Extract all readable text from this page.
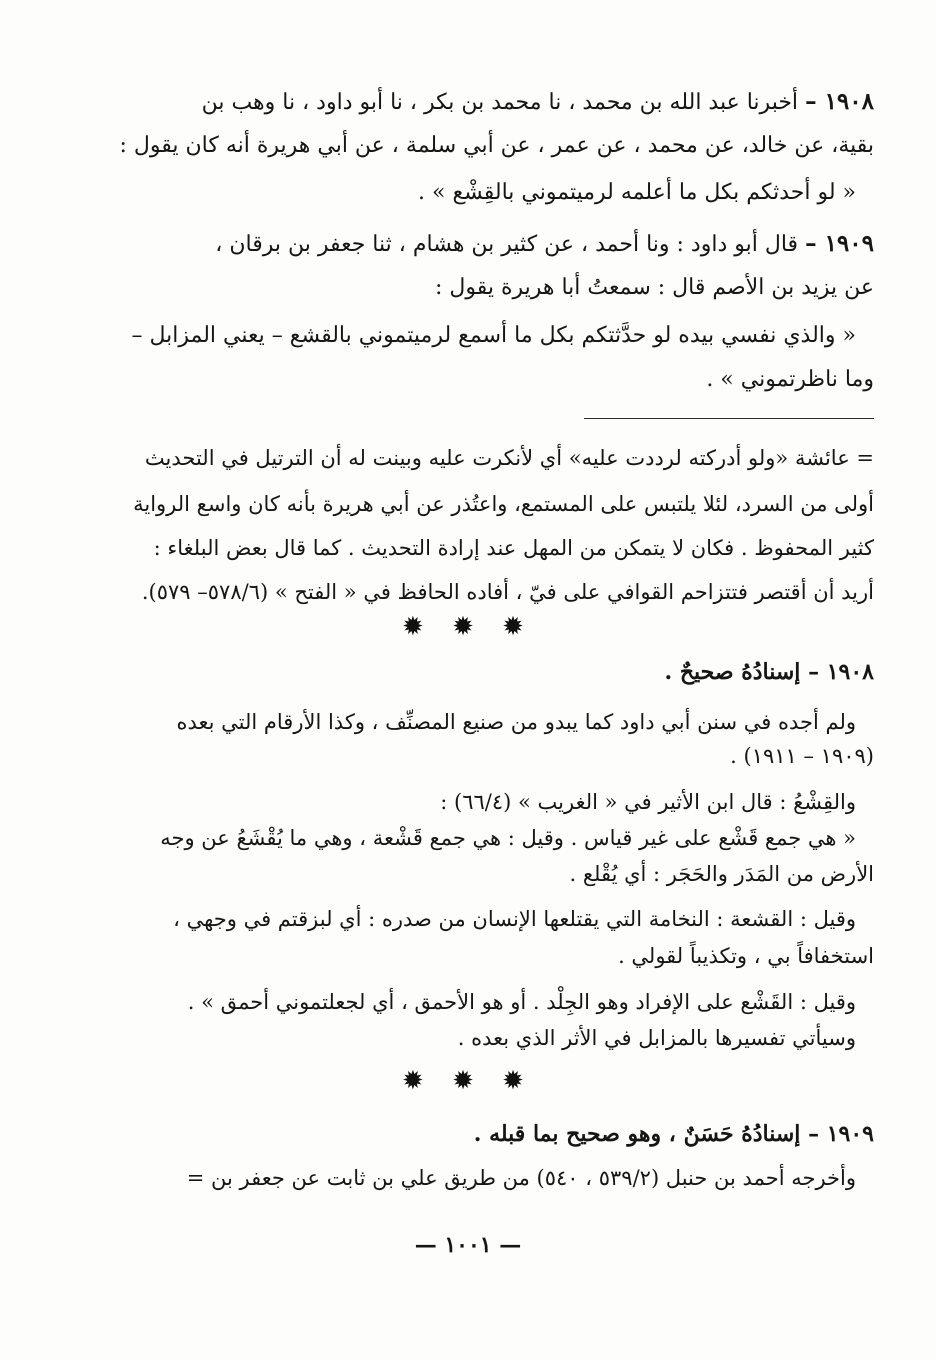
١٩٠٨ – أخبرنا عبد الله بن محمد ، نا محمد بن بكر ، نا أبو داود ، نا وهب بن
بقية، عن خالد، عن محمد ، عن عمر ، عن أبي سلمة ، عن أبي هريرة أنه كان يقول :
« لو أحدثكم بكل ما أعلمه لرميتموني بالقِشْع » .
١٩٠٩ – قال أبو داود : ونا أحمد ، عن كثير بن هشام ، ثنا جعفر بن برقان ،
عن يزيد بن الأصم قال : سمعتُ أبا هريرة يقول :
« والذي نفسي بيده لو حدَّثتكم بكل ما أسمع لرميتموني بالقشع – يعني المزابل –
وما ناظرتموني » .
= عائشة «ولو أدركته لرددت عليه» أي لأنكرت عليه وبينت له أن الترتيل في التحديث
أولى من السرد، لئلا يلتبس على المستمع، واعتُذر عن أبي هريرة بأنه كان واسع الرواية
كثير المحفوظ . فكان لا يتمكن من المهل عند إرادة التحديث . كما قال بعض البلغاء :
أريد أن أقتصر فتتزاحم القوافي على فيّ ، أفاده الحافظ في « الفتح » (٥٧٨/٦– ٥٧٩).
✹ ✹ ✹
١٩٠٨ – إسنادُهُ صحيحٌ .
ولم أجده في سنن أبي داود كما يبدو من صنيع المصنِّف ، وكذا الأرقام التي بعده
(١٩٠٩ – ١٩١١) .
والقِشْعُ : قال ابن الأثير في « الغريب » (٦٦/٤) :
« هي جمع قَشْع على غير قياس . وقيل : هي جمع قَشْعة ، وهي ما يُقْشَعُ عن وجه
الأرض من المَدَر والحَجَر : أي يُقْلع .
وقيل : القشعة : النخامة التي يقتلعها الإنسان من صدره : أي لبزقتم في وجهي ،
استخفافاً بي ، وتكذيباً لقولي .
وقيل : القَشْع على الإفراد وهو الجِلْد . أو هو الأحمق ، أي لجعلتموني أحمق » .
وسيأتي تفسيرها بالمزابل في الأثر الذي بعده .
✹ ✹ ✹
١٩٠٩ – إسنادُهُ حَسَنٌ ، وهو صحيح بما قبله .
وأخرجه أحمد بن حنبل (٥٣٩/٢ ، ٥٤٠) من طريق علي بن ثابت عن جعفر بن =
— ١٠٠١ —
